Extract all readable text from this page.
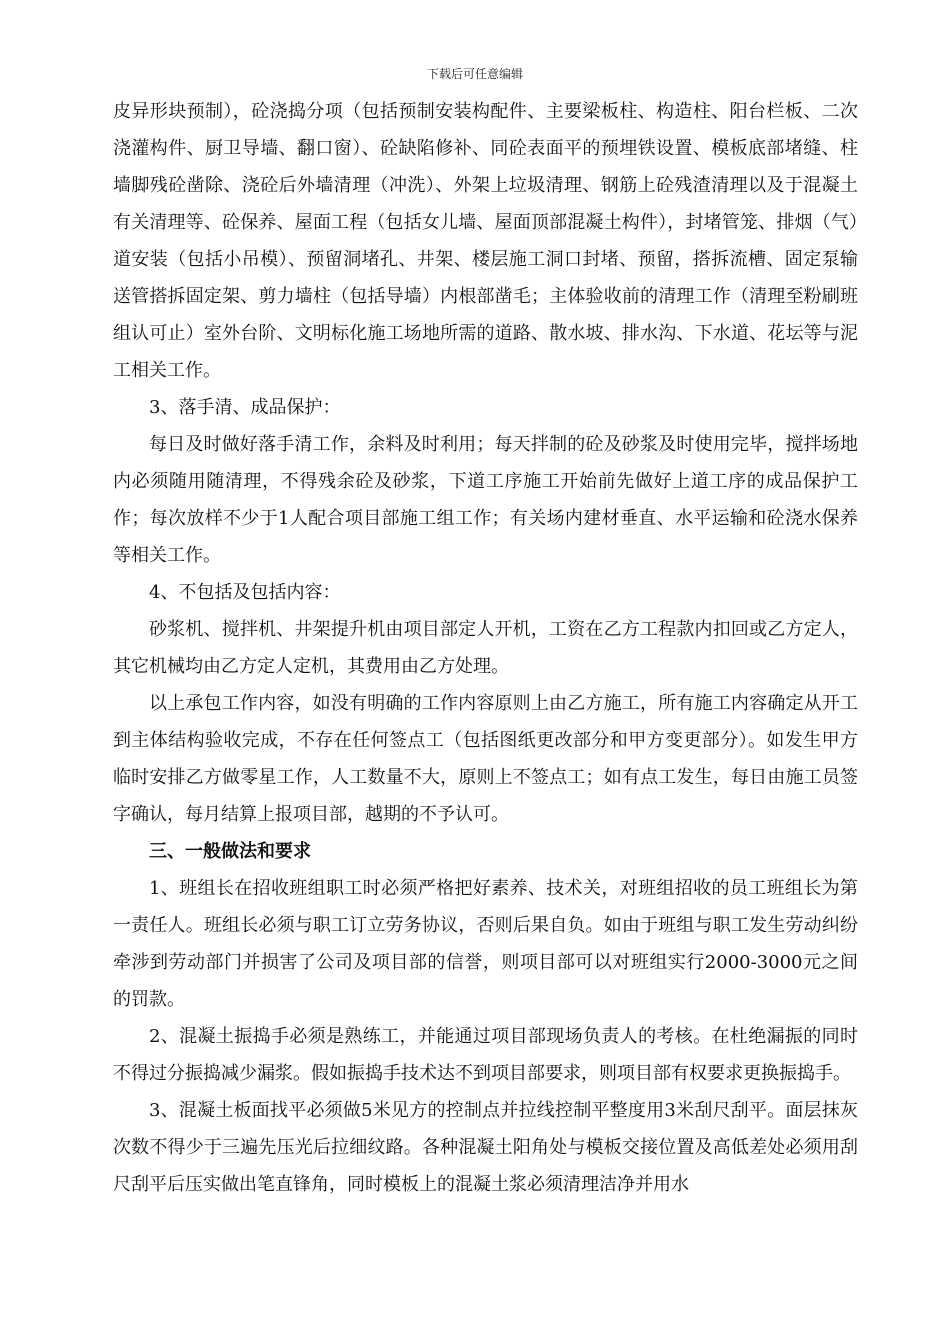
下载后可任意编辑

皮异形块预制），砼浇捣分项（包括预制安装构配件、主要梁板柱、构造柱、阳台栏板、二次浇灌构件、厨卫导墙、翻口窗）、砼缺陷修补、同砼表面平的预埋铁设置、模板底部堵缝、柱墙脚残砼凿除、浇砼后外墙清理（冲洗）、外架上垃圾清理、钢筋上砼残渣清理以及于混凝土有关清理等、砼保养、屋面工程（包括女儿墙、屋面顶部混凝土构件），封堵管笼、排烟（气）道安装（包括小吊模）、预留洞堵孔、井架、楼层施工洞口封堵、预留，搭拆流槽、固定泵输送管搭拆固定架、剪力墙柱（包括导墙）内根部凿毛；主体验收前的清理工作（清理至粉刷班组认可止）室外台阶、文明标化施工场地所需的道路、散水坡、排水沟、下水道、花坛等与泥工相关工作。

3、落手清、成品保护：

每日及时做好落手清工作，余料及时利用；每天拌制的砼及砂浆及时使用完毕，搅拌场地内必须随用随清理，不得残余砼及砂浆，下道工序施工开始前先做好上道工序的成品保护工作；每次放样不少于1人配合项目部施工组工作；有关场内建材垂直、水平运输和砼浇水保养等相关工作。

4、不包括及包括内容：

砂浆机、搅拌机、井架提升机由项目部定人开机，工资在乙方工程款内扣回或乙方定人，其它机械均由乙方定人定机，其费用由乙方处理。

以上承包工作内容，如没有明确的工作内容原则上由乙方施工，所有施工内容确定从开工到主体结构验收完成，不存在任何签点工（包括图纸更改部分和甲方变更部分）。如发生甲方临时安排乙方做零星工作，人工数量不大，原则上不签点工；如有点工发生，每日由施工员签字确认，每月结算上报项目部，越期的不予认可。

三、一般做法和要求

1、班组长在招收班组职工时必须严格把好素养、技术关，对班组招收的员工班组长为第一责任人。班组长必须与职工订立劳务协议，否则后果自负。如由于班组与职工发生劳动纠纷牵涉到劳动部门并损害了公司及项目部的信誉，则项目部可以对班组实行2000-3000元之间的罚款。

2、混凝土振捣手必须是熟练工，并能通过项目部现场负责人的考核。在杜绝漏振的同时不得过分振捣减少漏浆。假如振捣手技术达不到项目部要求，则项目部有权要求更换振捣手。

3、混凝土板面找平必须做5米见方的控制点并拉线控制平整度用3米刮尺刮平。面层抹灰次数不得少于三遍先压光后拉细纹路。各种混凝土阳角处与模板交接位置及高低差处必须用刮尺刮平后压实做出笔直锋角，同时模板上的混凝土浆必须清理洁净并用水
